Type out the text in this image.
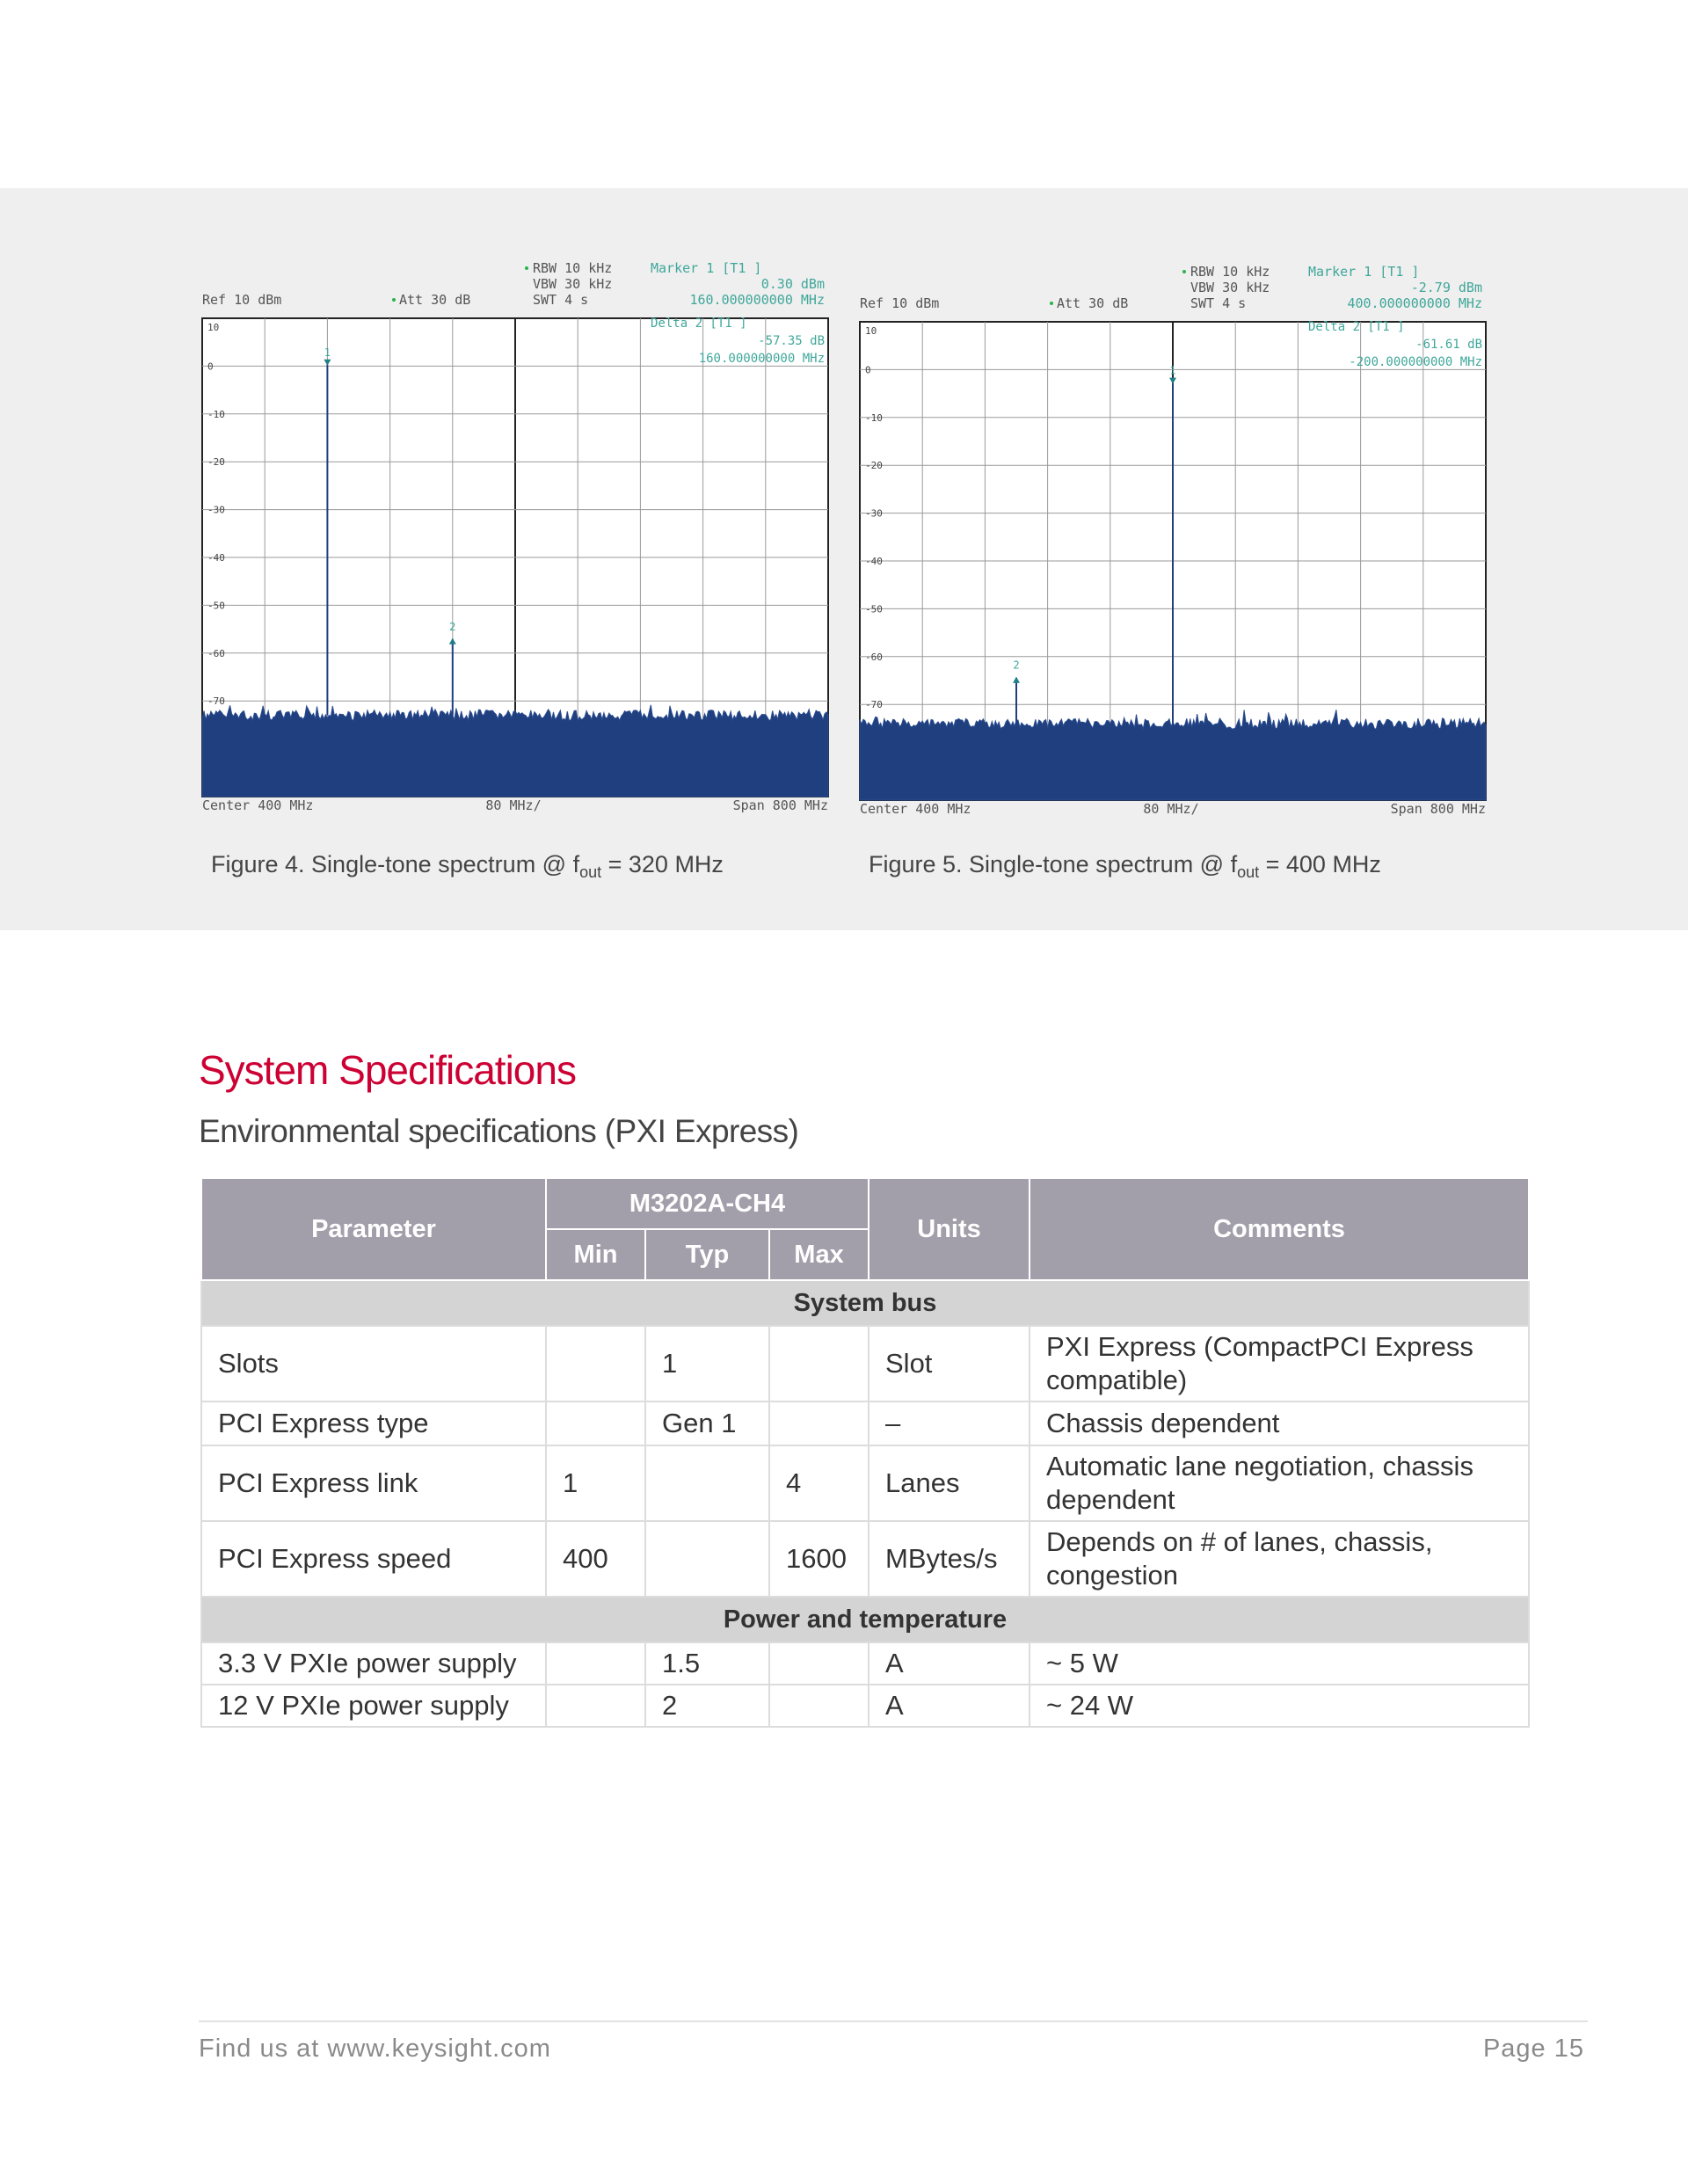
Ref 10 dBm	Att 30 dB
RBW 10 kHz
VBW 30 kHz
SWT 4 s
Marker 1 [T1 ]
0.30 dBm
160.000000000 MHz
10
0
-10
-20
-30
-40
-50
-60
-70
1
2
Delta 2 [T1 ]
-57.35 dB
160.000000000 MHz
Center 400 MHz	80 MHz/	Span 800 MHz
Ref 10 dBm	Att 30 dB
RBW 10 kHz
VBW 30 kHz
SWT 4 s
Marker 1 [T1 ]
-2.79 dBm
400.000000000 MHz
10
0
-10
-20
-30
-40
-50
-60
-70
1
2
Delta 2 [T1 ]
-61.61 dB
-200.000000000 MHz
Center 400 MHz	80 MHz/	Span 800 MHz
Figure 4. Single-tone spectrum @ $f_{out} = 320$ MHz	Figure 5. Single-tone spectrum @ $f_{out} = 400$ MHz
System Specifications
Environmental specifications (PXI Express)
Parameter	M3202A-CH4			Units	Comments
	Min	Typ	Max		
System bus					
Slots		1		Slot	PXI Express (CompactPCI Express compatible)
PCI Express type		Gen 1		–	Chassis dependent
PCI Express link	1		4	Lanes	Automatic lane negotiation, chassis dependent
PCI Express speed	400		1600	MBytes/s	Depends on # of lanes, chassis, congestion
Power and temperature					
3.3 V PXIe power supply		1.5		A	~ 5 W
12 V PXIe power supply		2		A	~ 24 W
Find us at www.keysight.com	Page 15
